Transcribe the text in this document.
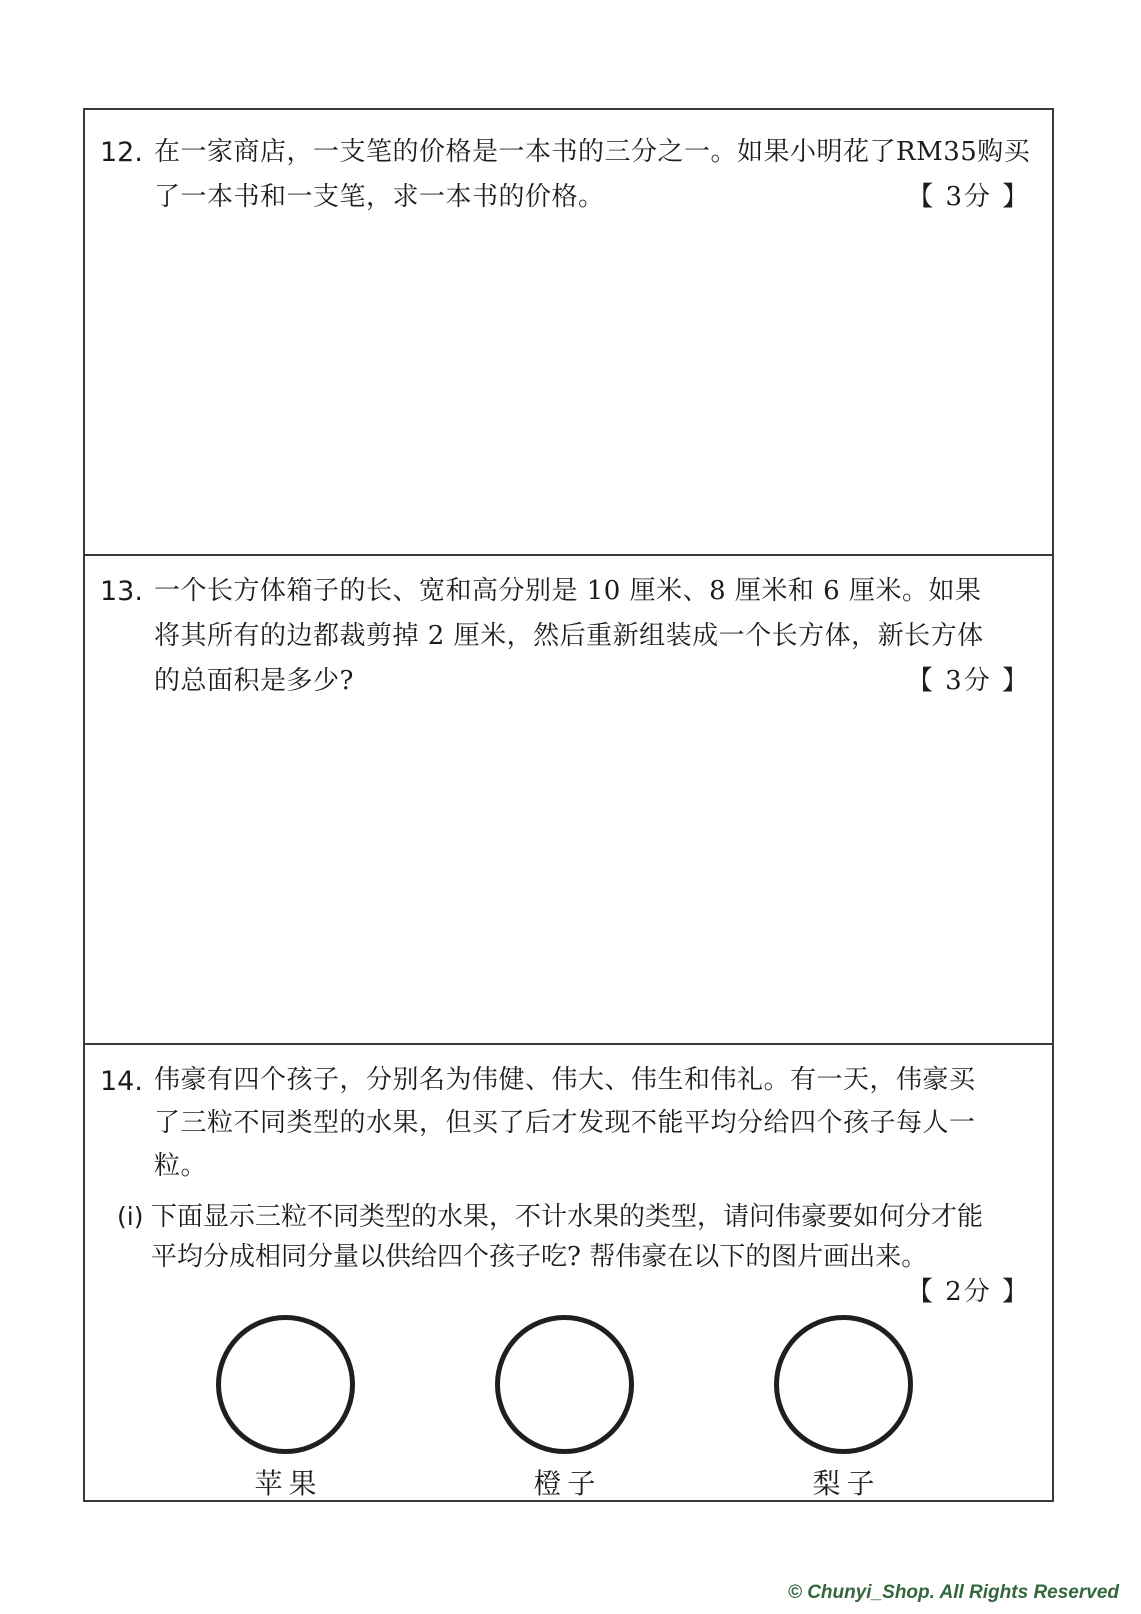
12. 在一家商店，一支笔的价格是一本书的三分之一。如果小明花了RM35购买
了一本书和一支笔，求一本书的价格。	【 3分 】
13. 一个长方体箱子的长、宽和高分别是 10 厘米、8 厘米和 6 厘米。如果
将其所有的边都裁剪掉 2 厘米，然后重新组装成一个长方体，新长方体
的总面积是多少?	【 3分 】
14. 伟豪有四个孩子，分别名为伟健、伟大、伟生和伟礼。有一天，伟豪买
了三粒不同类型的水果，但买了后才发现不能平均分给四个孩子每人一
粒。
(i) 下面显示三粒不同类型的水果，不计水果的类型，请问伟豪要如何分才能
平均分成相同分量以供给四个孩子吃? 帮伟豪在以下的图片画出来。
【 2分 】
苹果	橙子	梨子
© Chunyi_Shop. All Rights Reserved
